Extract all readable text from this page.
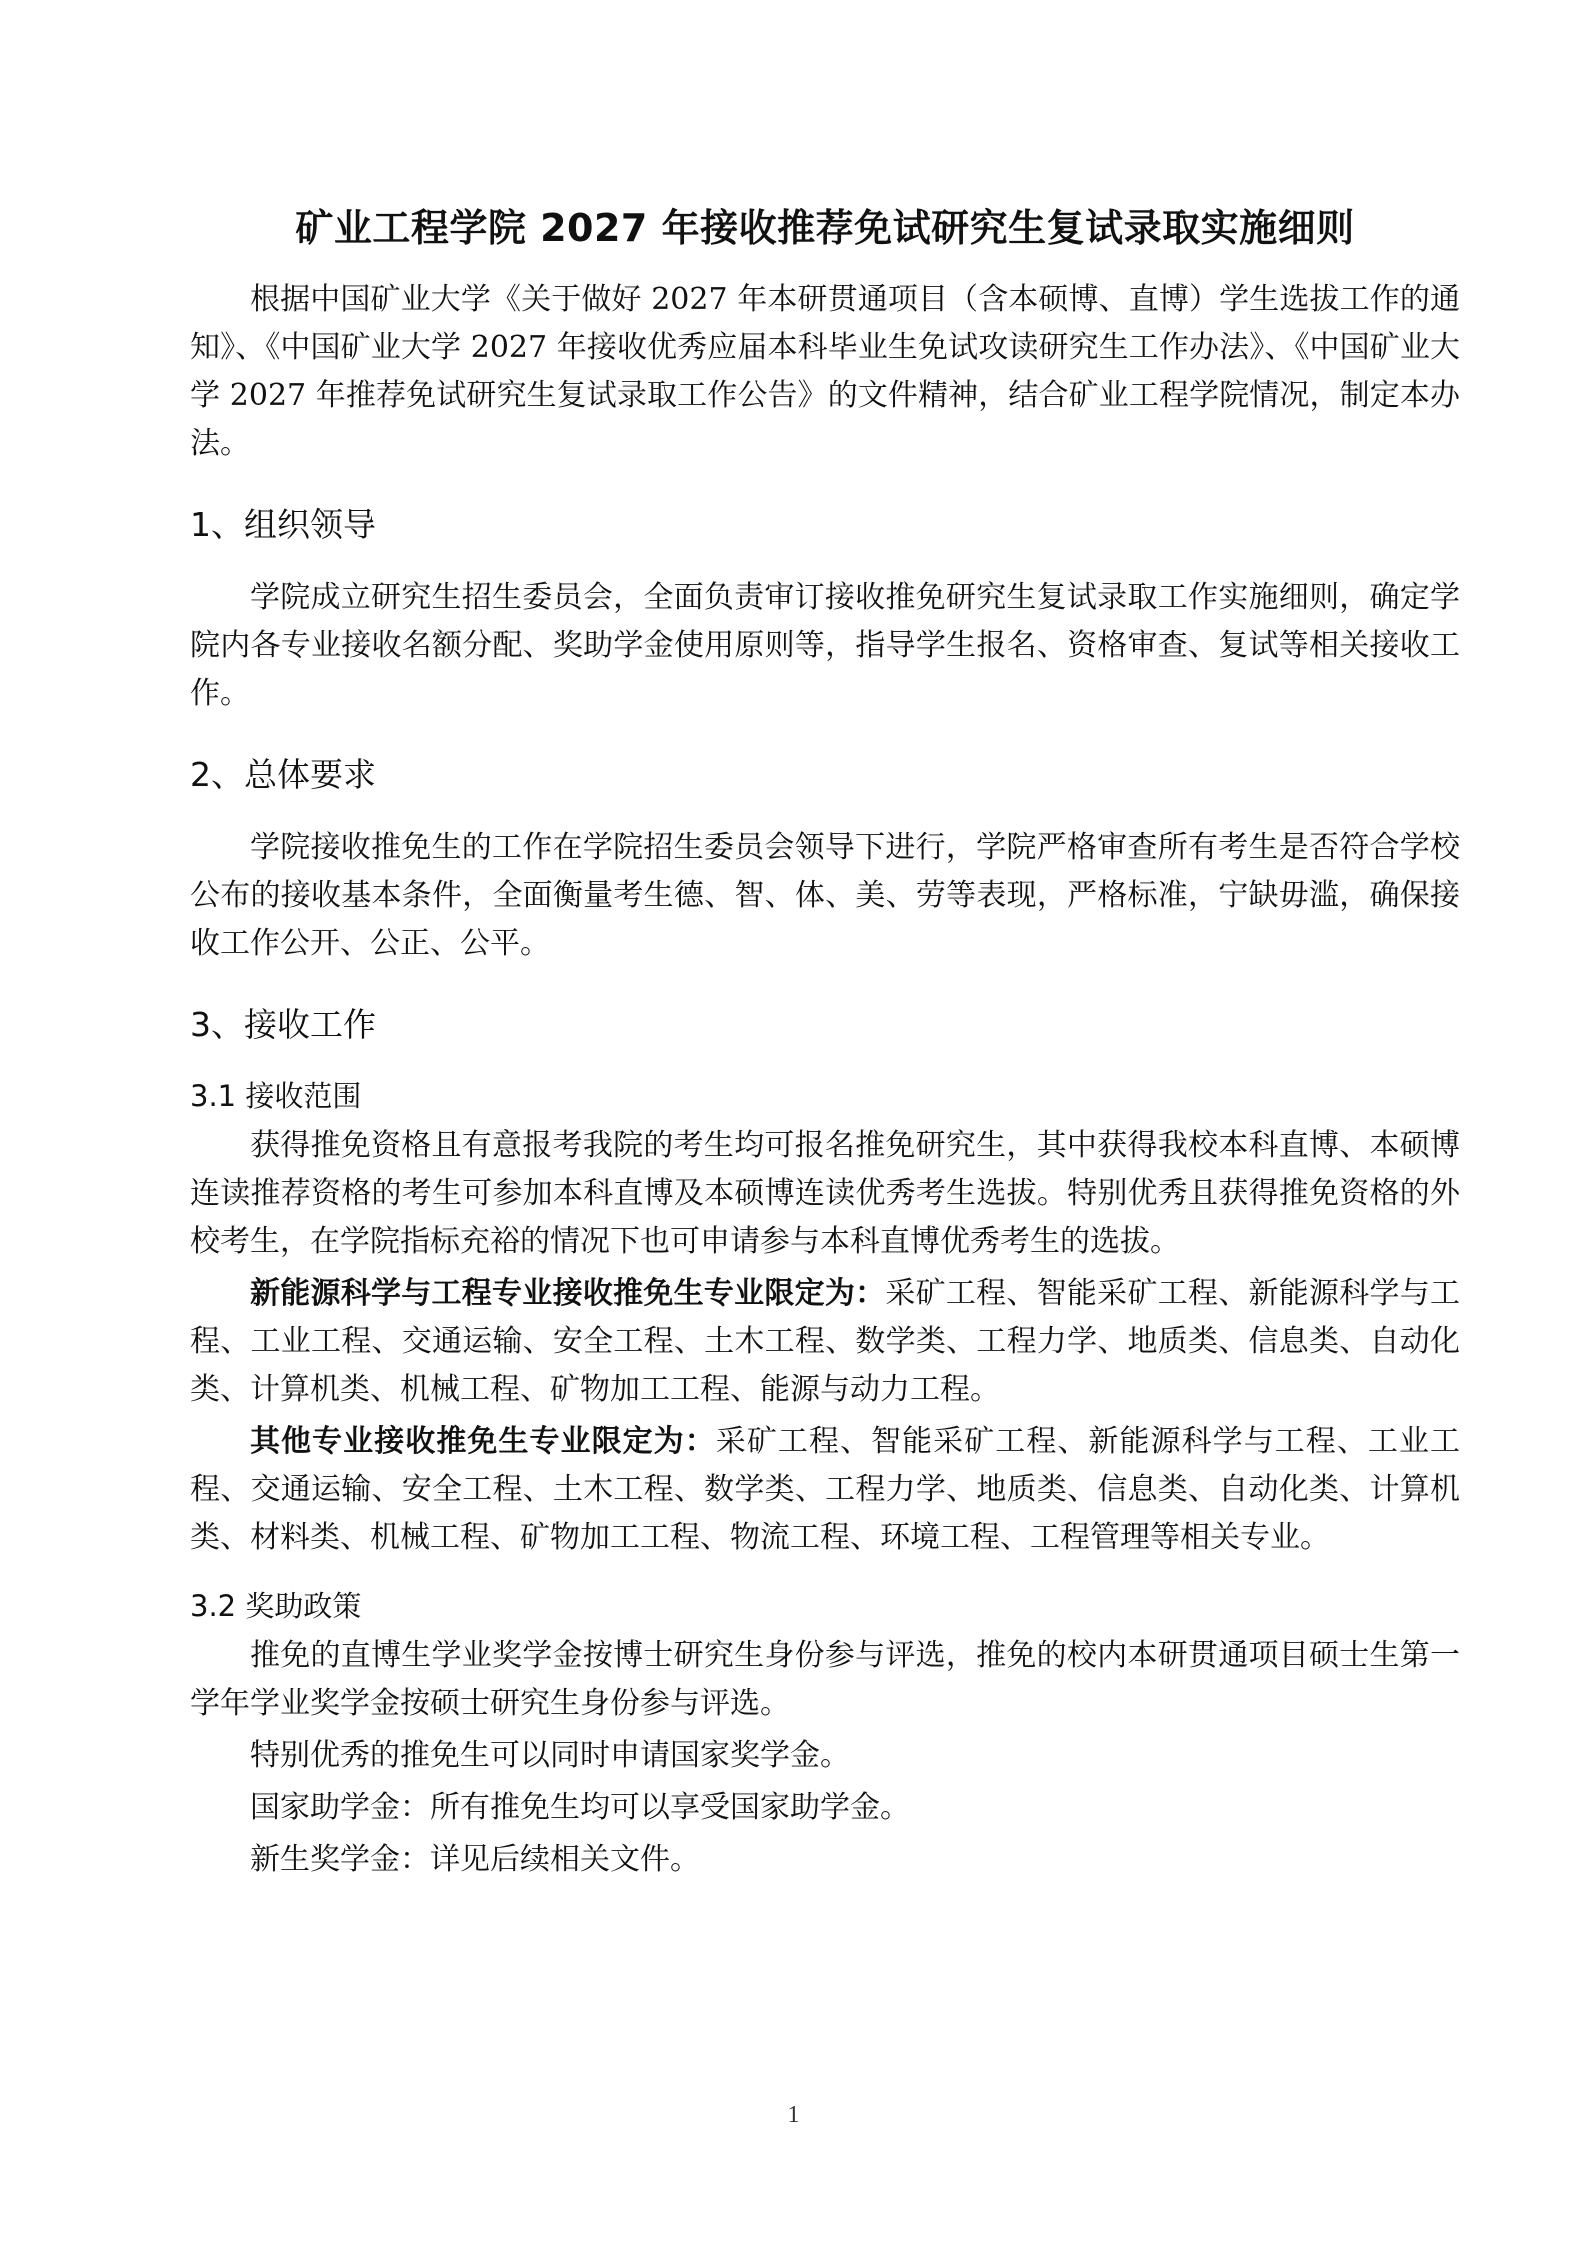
矿业工程学院 2027 年接收推荐免试研究生复试录取实施细则

根据中国矿业大学《关于做好 2027 年本研贯通项目（含本硕博、直博）学生选拔工作的通知》、《中国矿业大学 2027 年接收优秀应届本科毕业生免试攻读研究生工作办法》、《中国矿业大学 2027 年推荐免试研究生复试录取工作公告》的文件精神，结合矿业工程学院情况，制定本办法。

1、组织领导

学院成立研究生招生委员会，全面负责审订接收推免研究生复试录取工作实施细则，确定学院内各专业接收名额分配、奖助学金使用原则等，指导学生报名、资格审查、复试等相关接收工作。

2、总体要求

学院接收推免生的工作在学院招生委员会领导下进行，学院严格审查所有考生是否符合学校公布的接收基本条件，全面衡量考生德、智、体、美、劳等表现，严格标准，宁缺毋滥，确保接收工作公开、公正、公平。

3、接收工作
3.1 接收范围

获得推免资格且有意报考我院的考生均可报名推免研究生，其中获得我校本科直博、本硕博连读推荐资格的考生可参加本科直博及本硕博连读优秀考生选拔。特别优秀且获得推免资格的外校考生，在学院指标充裕的情况下也可申请参与本科直博优秀考生的选拔。

新能源科学与工程专业接收推免生专业限定为：采矿工程、智能采矿工程、新能源科学与工程、工业工程、交通运输、安全工程、土木工程、数学类、工程力学、地质类、信息类、自动化类、计算机类、机械工程、矿物加工工程、能源与动力工程。

其他专业接收推免生专业限定为：采矿工程、智能采矿工程、新能源科学与工程、工业工程、交通运输、安全工程、土木工程、数学类、工程力学、地质类、信息类、自动化类、计算机类、材料类、机械工程、矿物加工工程、物流工程、环境工程、工程管理等相关专业。

3.2 奖助政策

推免的直博生学业奖学金按博士研究生身份参与评选，推免的校内本研贯通项目硕士生第一学年学业奖学金按硕士研究生身份参与评选。

特别优秀的推免生可以同时申请国家奖学金。

国家助学金：所有推免生均可以享受国家助学金。

新生奖学金：详见后续相关文件。

1
